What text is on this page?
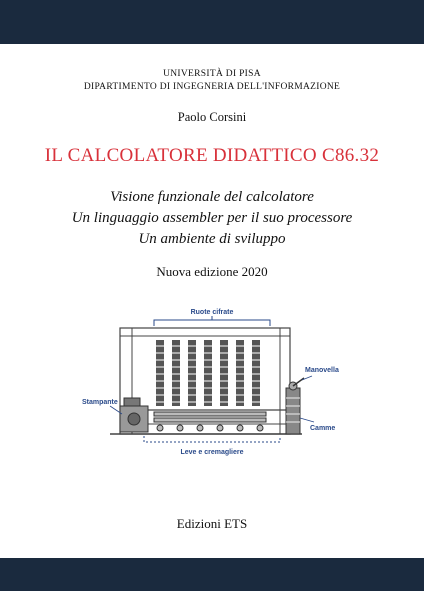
UNIVERSITÀ DI PISA
DIPARTIMENTO DI INGEGNERIA DELL'INFORMAZIONE
Paolo Corsini
IL CALCOLATORE DIDATTICO C86.32
Visione funzionale del calcolatore
Un linguaggio assembler per il suo processore
Un ambiente di sviluppo
Nuova edizione 2020
Ruote cifrate
Stampante
Manovella
Camme
Leve e cremagliere
Edizioni ETS
